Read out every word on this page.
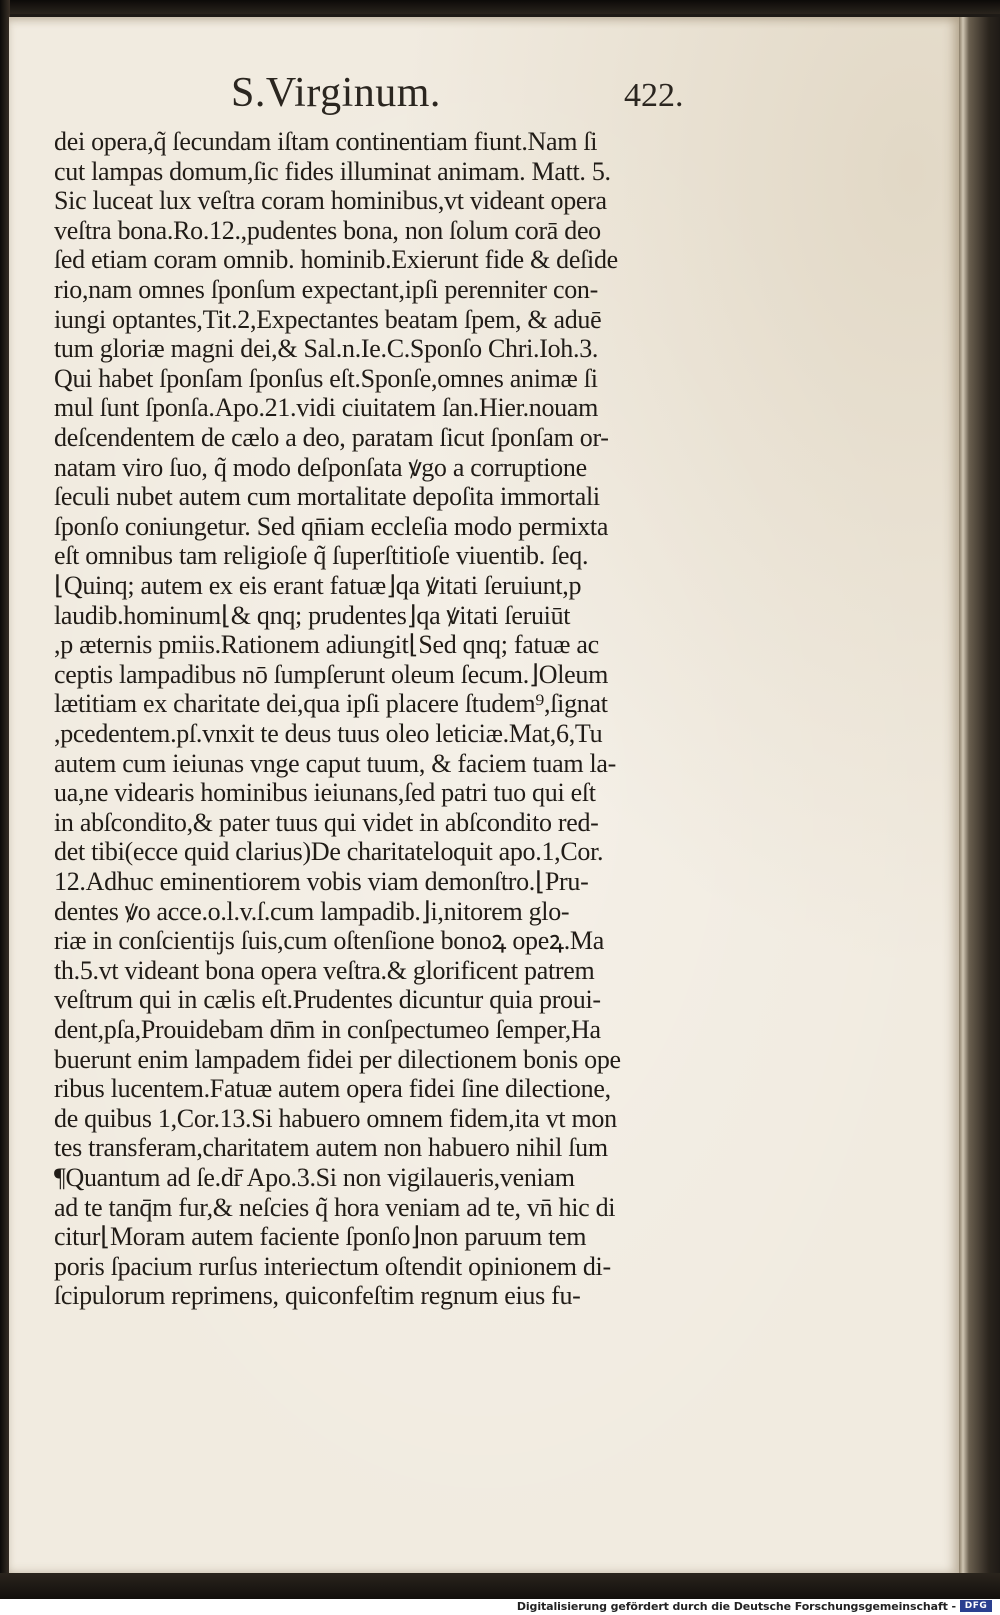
S.Virginum.	422.
dei opera,q̃ ſecundam iſtam continentiam fiunt.Nam ſi
cut lampas domum,ſic fides illuminat animam. Matt. 5.
Sic luceat lux veſtra coram hominibus,vt videant opera
veſtra bona.Ro.12.,pudentes bona, non ſolum corā deo
ſed etiam coram omnib. hominib.Exierunt fide & deſide
rio,nam omnes ſponſum expectant,ipſi perenniter con-
iungi optantes,Tit.2,Expectantes beatam ſpem, & aduē
tum gloriæ magni dei,& Sal.n.Ie.C.Sponſo Chri.Ioh.3.
Qui habet ſponſam ſponſus eſt.Sponſe,omnes animæ ſi
mul ſunt ſponſa.Apo.21.vidi ciuitatem ſan.Hier.nouam
deſcendentem de cælo a deo, paratam ſicut ſponſam or-
natam viro ſuo, q̃ modo deſponſata ꝟgo a corruptione
ſeculi nubet autem cum mortalitate depoſita immortali
ſponſo coniungetur. Sed qn̄iam eccleſia modo permixta
eſt omnibus tam religioſe q̃ ſuperſtitioſe viuentib. ſeq.
⌊Quinq; autem ex eis erant fatuæ⌋qa ꝟitati ſeruiunt,p
laudib.hominum⌊& qnq; prudentes⌋qa ꝟitati ſeruiūt
,p æternis pmiis.Rationem adiungit⌊Sed qnq; fatuæ ac
ceptis lampadibus nō ſumpſerunt oleum ſecum.⌋Oleum
lætitiam ex charitate dei,qua ipſi placere ſtudem⁹,ſignat
,pcedentem.pſ.vnxit te deus tuus oleo leticiæ.Mat,6,Tu
autem cum ieiunas vnge caput tuum, & faciem tuam la-
ua,ne videaris hominibus ieiunans,ſed patri tuo qui eſt
in abſcondito,& pater tuus qui videt in abſcondito red-
det tibi(ecce quid clarius)De charitateloquit apo.1,Cor.
12.Adhuc eminentiorem vobis viam demonſtro.⌊Pru-
dentes ꝟo acce.o.l.v.ſ.cum lampadib.⌋i,nitorem glo-
riæ in conſcientijs ſuis,cum oſtenſione bonoꝝ opeꝝ.Ma
th.5.vt videant bona opera veſtra.& glorificent patrem
veſtrum qui in cælis eſt.Prudentes dicuntur quia proui-
dent,pſa,Prouidebam dn̄m in conſpectumeo ſemper,Ha
buerunt enim lampadem fidei per dilectionem bonis ope
ribus lucentem.Fatuæ autem opera fidei ſine dilectione,
de quibus 1,Cor.13.Si habuero omnem fidem,ita vt mon
tes transferam,charitatem autem non habuero nihil ſum
¶Quantum ad ſe.dr̄ Apo.3.Si non vigilaueris,veniam
ad te tanq̄m fur,& neſcies q̃ hora veniam ad te, vn̄ hic di
citur⌊Moram autem faciente ſponſo⌋non paruum tem
poris ſpacium rurſus interiectum oſtendit opinionem di-
ſcipulorum reprimens, quiconfeſtim regnum eius fu-
Digitalisierung gefördert durch die Deutsche Forschungsgemeinschaft - DFG
